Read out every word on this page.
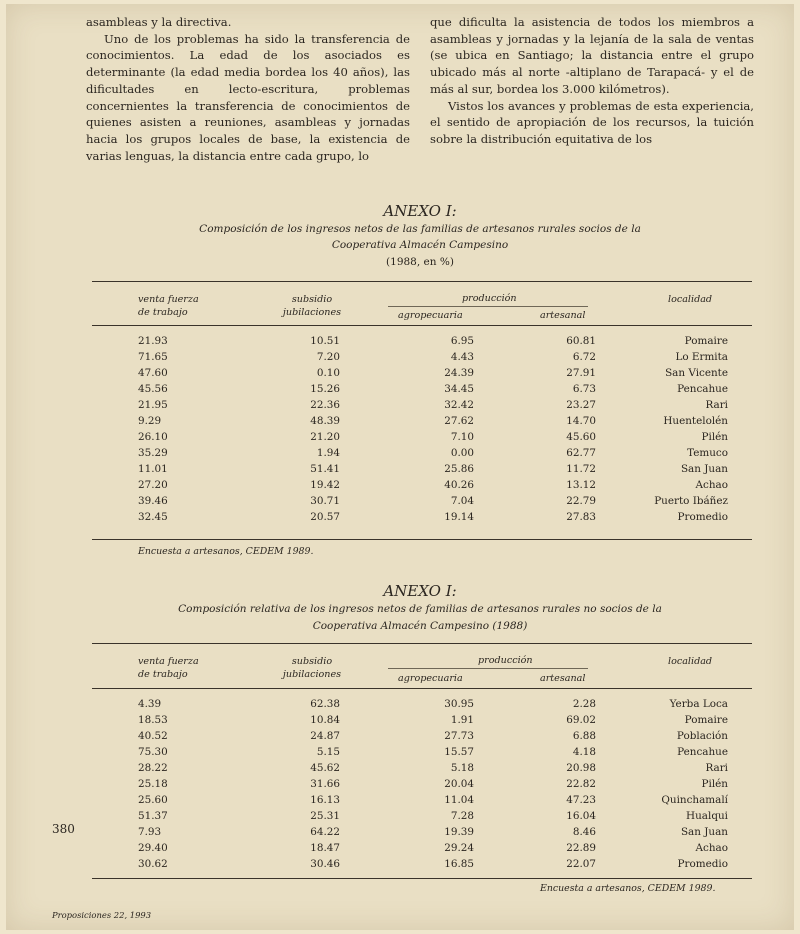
asambleas y la directiva.

Uno de los problemas ha sido la transferencia de conocimientos. La edad de los asociados es determinante (la edad media bordea los 40 años), las dificultades en lecto-escritura, problemas concernientes la transferencia de conocimientos de quienes asisten a reuniones, asambleas y jornadas hacia los grupos locales de base, la existencia de varias lenguas, la distancia entre cada grupo, lo

que dificulta la asistencia de todos los miembros a asambleas y jornadas y la lejanía de la sala de ventas (se ubica en Santiago; la distancia entre el grupo ubicado más al norte -altiplano de Tarapacá- y el de más al sur, bordea los 3.000 kilómetros).

Vistos los avances y problemas de esta experiencia, el sentido de apropiación de los recursos, la tuición sobre la distribución equitativa de los

ANEXO I:
Composición de los ingresos netos de las familias de artesanos rurales socios de la
Cooperativa Almacén Campesino
(1988, en %)
venta fuerza
de trabajo
subsidio
jubilaciones
producción
agropecuaria	artesanal
localidad
21.93	10.51	6.95	60.81	Pomaire
71.65	7.20	4.43	6.72	Lo Ermita
47.60	0.10	24.39	27.91	San Vicente
45.56	15.26	34.45	6.73	Pencahue
21.95	22.36	32.42	23.27	Rari
9.29	48.39	27.62	14.70	Huentelolén
26.10	21.20	7.10	45.60	Pilén
35.29	1.94	0.00	62.77	Temuco
11.01	51.41	25.86	11.72	San Juan
27.20	19.42	40.26	13.12	Achao
39.46	30.71	7.04	22.79	Puerto Ibáñez
32.45	20.57	19.14	27.83	Promedio
Encuesta a artesanos, CEDEM 1989.
ANEXO I:
Composición relativa de los ingresos netos de familias de artesanos rurales no socios de la
Cooperativa Almacén Campesino (1988)
venta fuerza
de trabajo
subsidio
jubilaciones
producción
agropecuaria	artesanal
localidad
4.39	62.38	30.95	2.28	Yerba Loca
18.53	10.84	1.91	69.02	Pomaire
40.52	24.87	27.73	6.88	Población
75.30	5.15	15.57	4.18	Pencahue
28.22	45.62	5.18	20.98	Rari
25.18	31.66	20.04	22.82	Pilén
25.60	16.13	11.04	47.23	Quinchamalí
51.37	25.31	7.28	16.04	Hualqui
7.93	64.22	19.39	8.46	San Juan
29.40	18.47	29.24	22.89	Achao
30.62	30.46	16.85	22.07	Promedio
Encuesta a artesanos, CEDEM 1989.
380
Proposiciones 22, 1993
